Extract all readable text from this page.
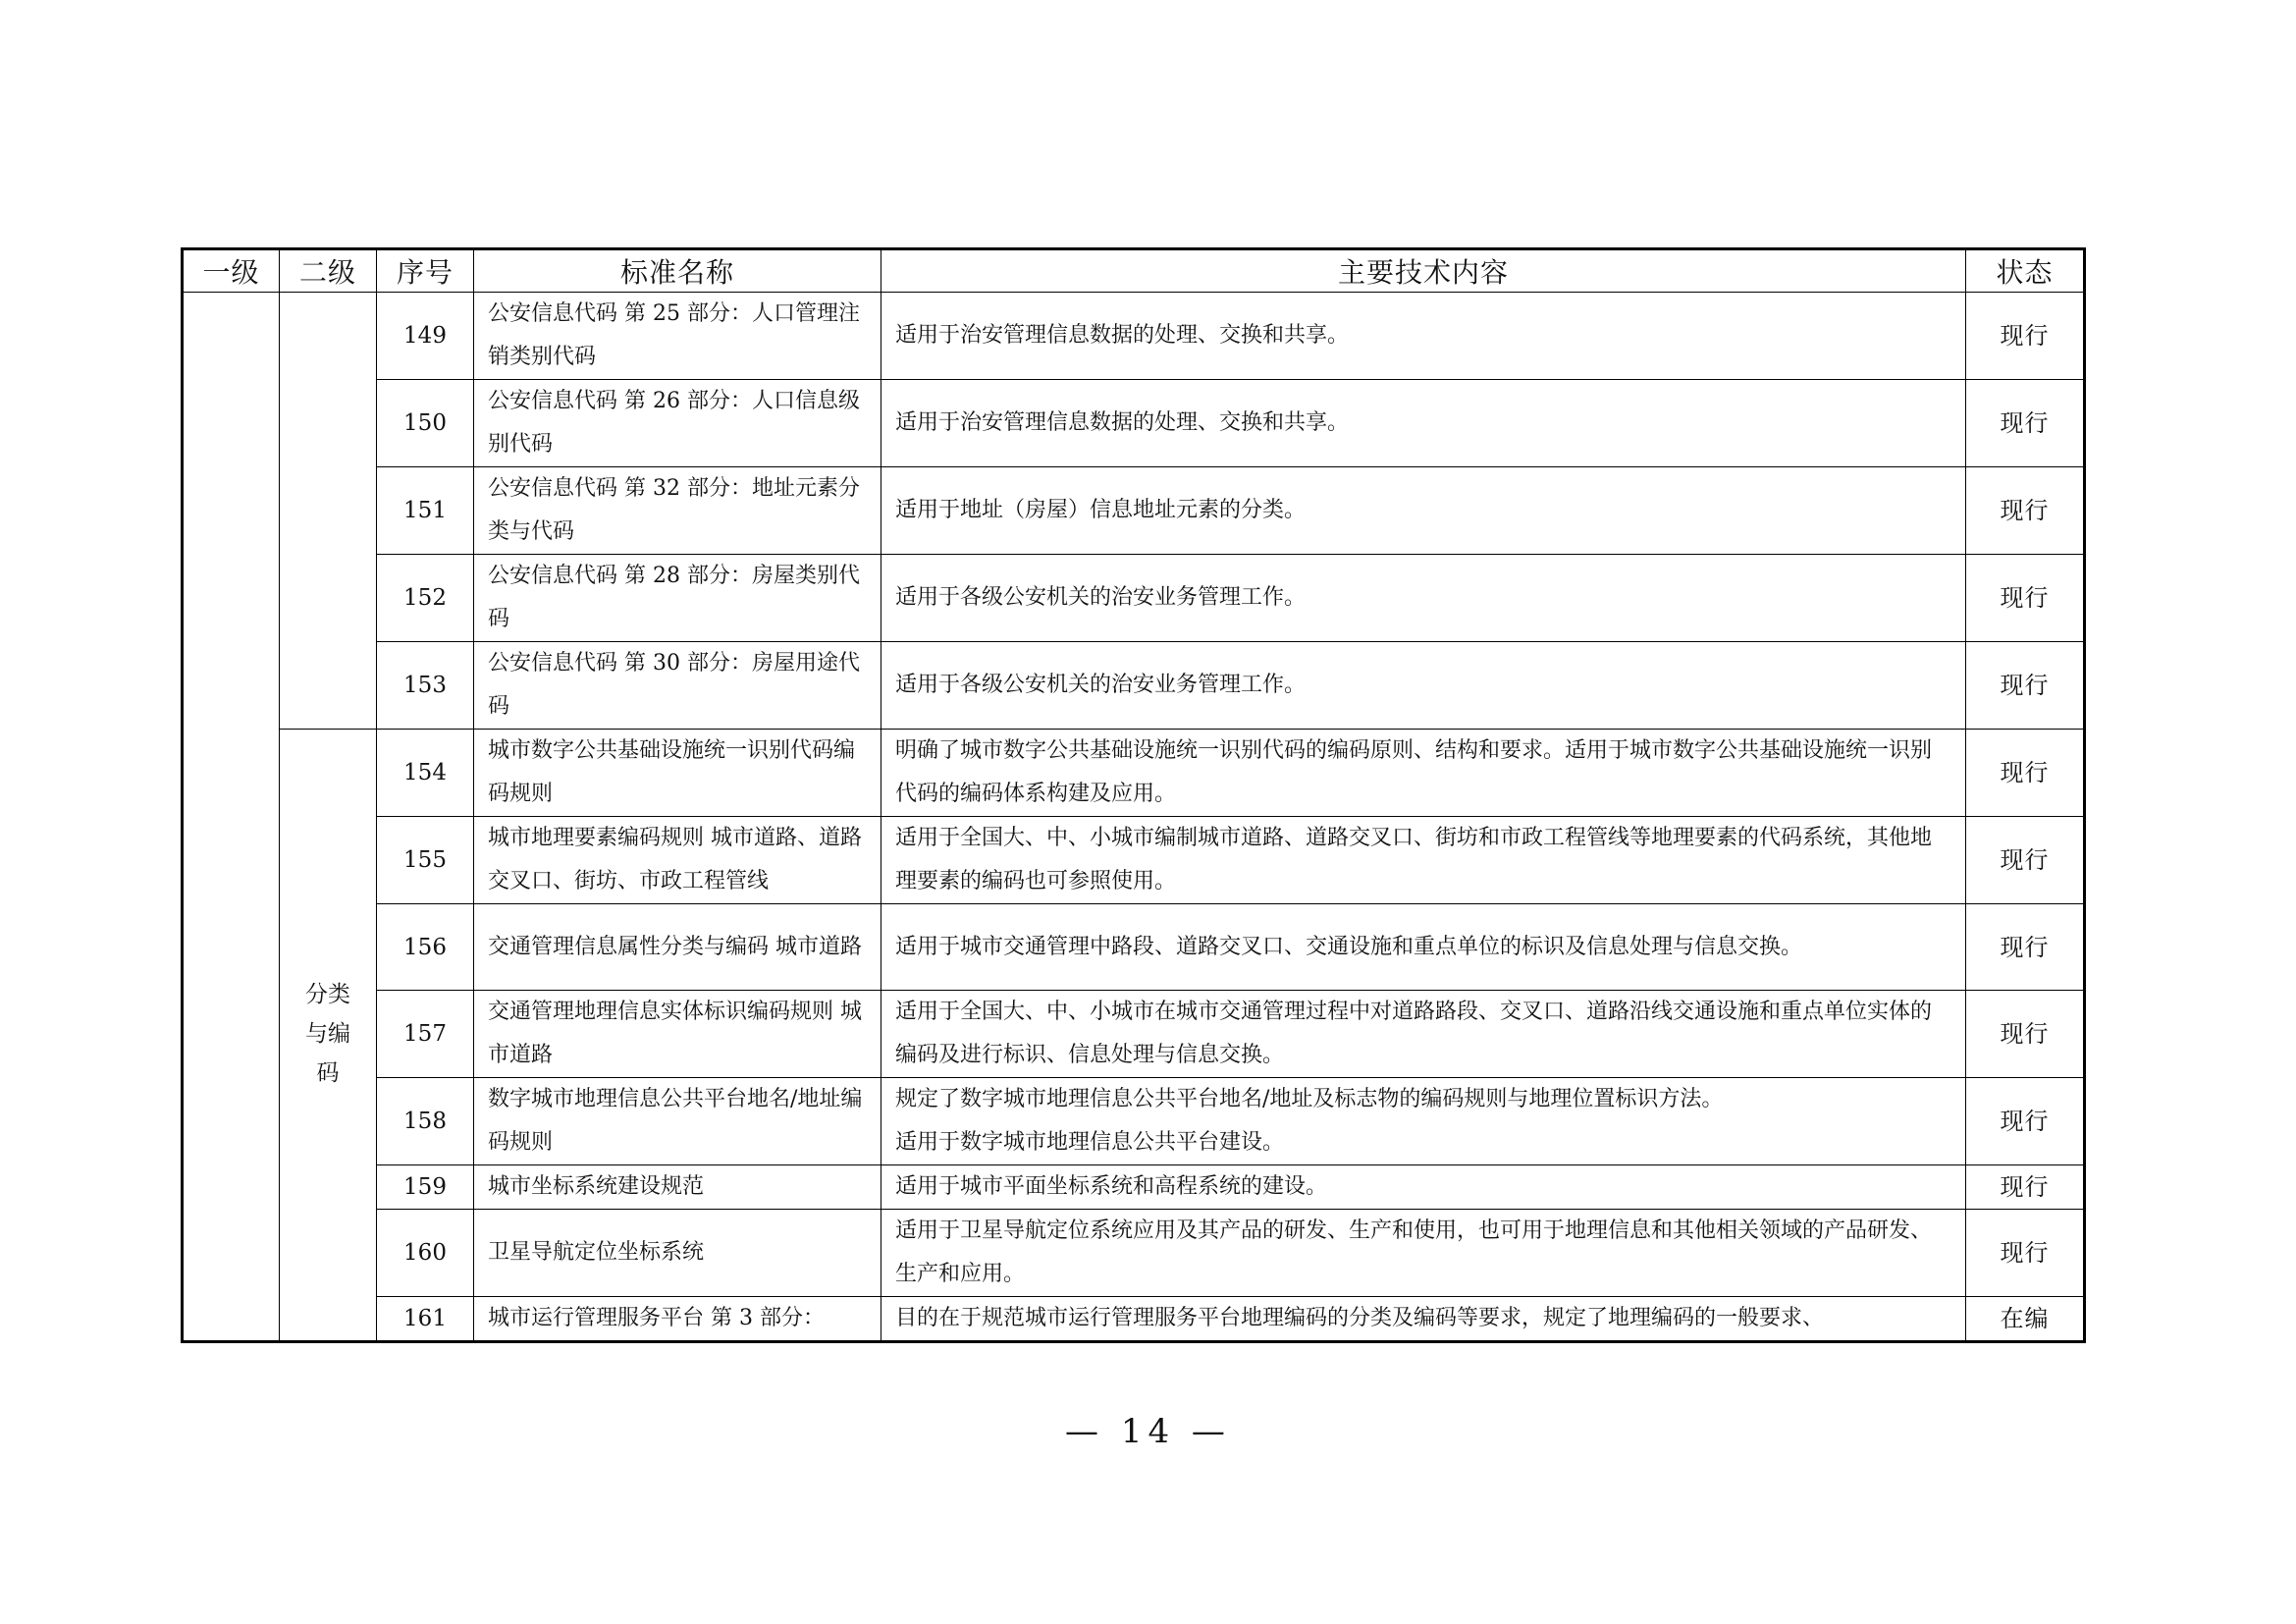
一级	二级	序号	标准名称	主要技术内容	状态
		149	公安信息代码 第 25 部分：人口管理注销类别代码	适用于治安管理信息数据的处理、交换和共享。	现行
		150	公安信息代码 第 26 部分：人口信息级别代码	适用于治安管理信息数据的处理、交换和共享。	现行
		151	公安信息代码 第 32 部分：地址元素分类与代码	适用于地址（房屋）信息地址元素的分类。	现行
		152	公安信息代码 第 28 部分：房屋类别代码	适用于各级公安机关的治安业务管理工作。	现行
		153	公安信息代码 第 30 部分：房屋用途代码	适用于各级公安机关的治安业务管理工作。	现行
	分类与编码	154	城市数字公共基础设施统一识别代码编码规则	明确了城市数字公共基础设施统一识别代码的编码原则、结构和要求。适用于城市数字公共基础设施统一识别代码的编码体系构建及应用。	现行
		155	城市地理要素编码规则 城市道路、道路交叉口、街坊、市政工程管线	适用于全国大、中、小城市编制城市道路、道路交叉口、街坊和市政工程管线等地理要素的代码系统，其他地理要素的编码也可参照使用。	现行
		156	交通管理信息属性分类与编码 城市道路	适用于城市交通管理中路段、道路交叉口、交通设施和重点单位的标识及信息处理与信息交换。	现行
		157	交通管理地理信息实体标识编码规则 城市道路	适用于全国大、中、小城市在城市交通管理过程中对道路路段、交叉口、道路沿线交通设施和重点单位实体的编码及进行标识、信息处理与信息交换。	现行
		158	数字城市地理信息公共平台地名/地址编码规则	规定了数字城市地理信息公共平台地名/地址及标志物的编码规则与地理位置标识方法。
适用于数字城市地理信息公共平台建设。	现行
		159	城市坐标系统建设规范	适用于城市平面坐标系统和高程系统的建设。	现行
		160	卫星导航定位坐标系统	适用于卫星导航定位系统应用及其产品的研发、生产和使用，也可用于地理信息和其他相关领域的产品研发、生产和应用。	现行
		161	城市运行管理服务平台 第 3 部分：	目的在于规范城市运行管理服务平台地理编码的分类及编码等要求，规定了地理编码的一般要求、	在编
— 14 —
